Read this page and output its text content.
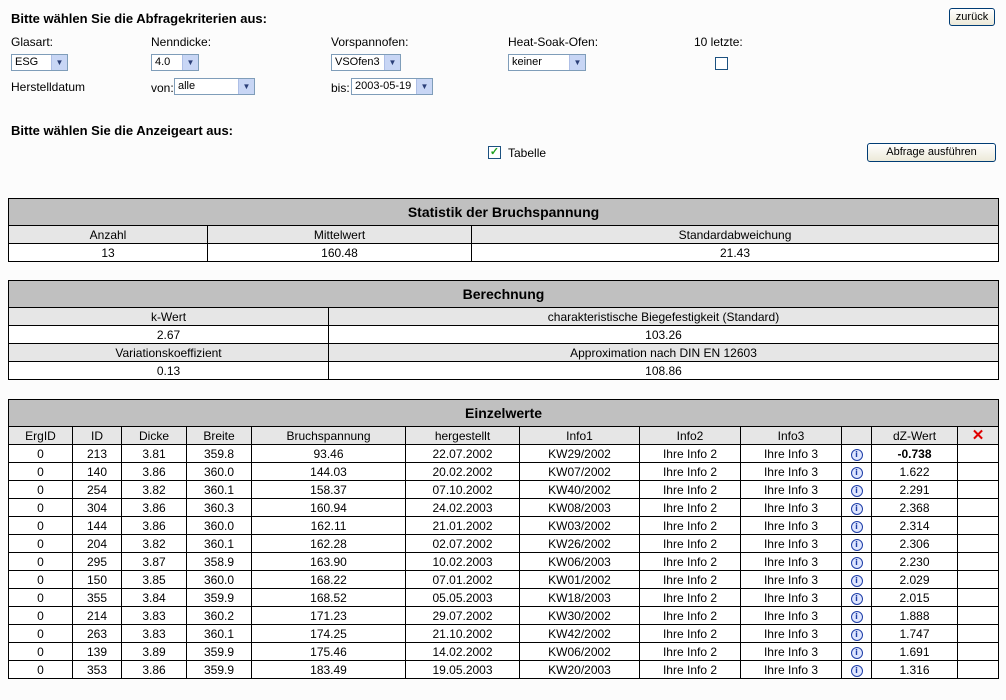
Bitte wählen Sie die Abfragekriterien aus:	zurück
Glasart:
ESG	▼
Nenndicke:
4.0	▼
Vorspannofen:
VSOfen3	▼
Heat-Soak-Ofen:
keiner	▼
10 letzte:
Herstelldatum	von: alle	▼	bis: 2003-05-19	▼
Bitte wählen Sie die Anzeigeart aus:
✓ Tabelle	Abfrage ausführen
Statistik der Bruchspannung		
Anzahl	Mittelwert	Standardabweichung
13	160.48	21.43
Berechnung	
k-Wert	charakteristische Biegefestigkeit (Standard)
2.67	103.26
Variationskoeffizient	Approximation nach DIN EN 12603
0.13	108.86
Einzelwerte											
ErgID	ID	Dicke	Breite	Bruchspannung	hergestellt	Info1	Info2	Info3		dZ-Wert	✕
0	213	3.81	359.8	93.46	22.07.2002	KW29/2002	Ihre Info 2	Ihre Info 3	i	-0.738	
0	140	3.86	360.0	144.03	20.02.2002	KW07/2002	Ihre Info 2	Ihre Info 3	i	1.622	
0	254	3.82	360.1	158.37	07.10.2002	KW40/2002	Ihre Info 2	Ihre Info 3	i	2.291	
0	304	3.86	360.3	160.94	24.02.2003	KW08/2003	Ihre Info 2	Ihre Info 3	i	2.368	
0	144	3.86	360.0	162.11	21.01.2002	KW03/2002	Ihre Info 2	Ihre Info 3	i	2.314	
0	204	3.82	360.1	162.28	02.07.2002	KW26/2002	Ihre Info 2	Ihre Info 3	i	2.306	
0	295	3.87	358.9	163.90	10.02.2003	KW06/2003	Ihre Info 2	Ihre Info 3	i	2.230	
0	150	3.85	360.0	168.22	07.01.2002	KW01/2002	Ihre Info 2	Ihre Info 3	i	2.029	
0	355	3.84	359.9	168.52	05.05.2003	KW18/2003	Ihre Info 2	Ihre Info 3	i	2.015	
0	214	3.83	360.2	171.23	29.07.2002	KW30/2002	Ihre Info 2	Ihre Info 3	i	1.888	
0	263	3.83	360.1	174.25	21.10.2002	KW42/2002	Ihre Info 2	Ihre Info 3	i	1.747	
0	139	3.89	359.9	175.46	14.02.2002	KW06/2002	Ihre Info 2	Ihre Info 3	i	1.691	
0	353	3.86	359.9	183.49	19.05.2003	KW20/2003	Ihre Info 2	Ihre Info 3	i	1.316	
